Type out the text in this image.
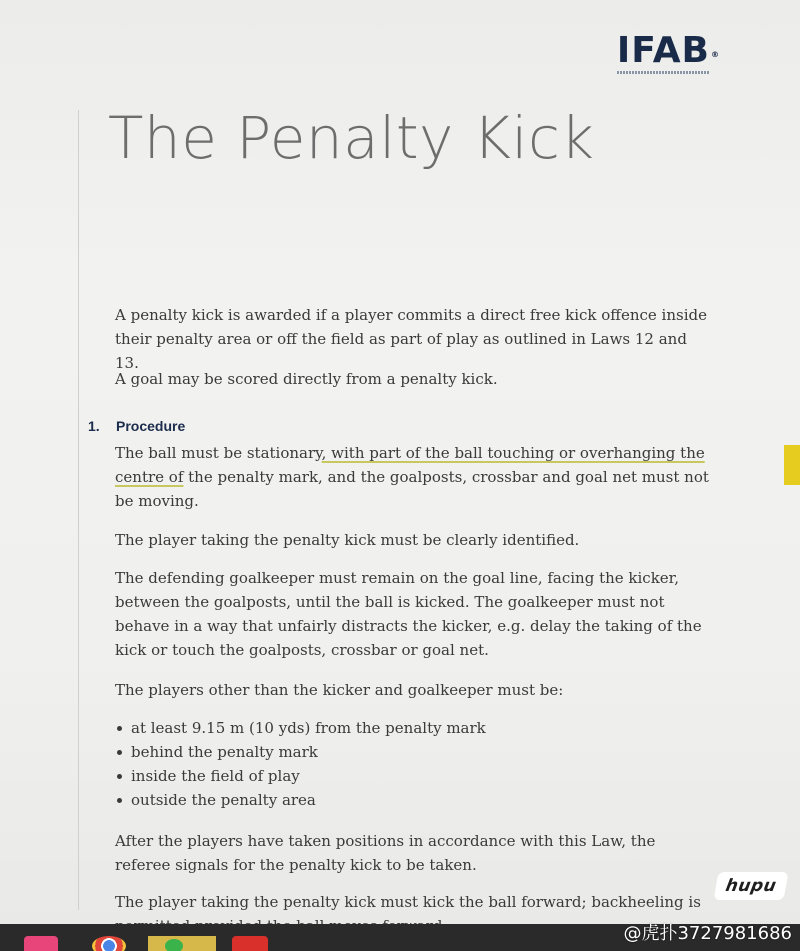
IFAB®
The Penalty Kick

A penalty kick is awarded if a player commits a direct free kick offence inside their penalty area or off the field as part of play as outlined in Laws 12 and 13.

A goal may be scored directly from a penalty kick.

1. Procedure

The ball must be stationary, with part of the ball touching or overhanging the centre of the penalty mark, and the goalposts, crossbar and goal net must not be moving.

The player taking the penalty kick must be clearly identified.

The defending goalkeeper must remain on the goal line, facing the kicker, between the goalposts, until the ball is kicked. The goalkeeper must not behave in a way that unfairly distracts the kicker, e.g. delay the taking of the kick or touch the goalposts, crossbar or goal net.

The players other than the kicker and goalkeeper must be:

at least 9.15 m (10 yds) from the penalty mark
behind the penalty mark
inside the field of play
outside the penalty area

After the players have taken positions in accordance with this Law, the referee signals for the penalty kick to be taken.

The player taking the penalty kick must kick the ball forward; backheeling is

hupu
@虎扑3727981686
